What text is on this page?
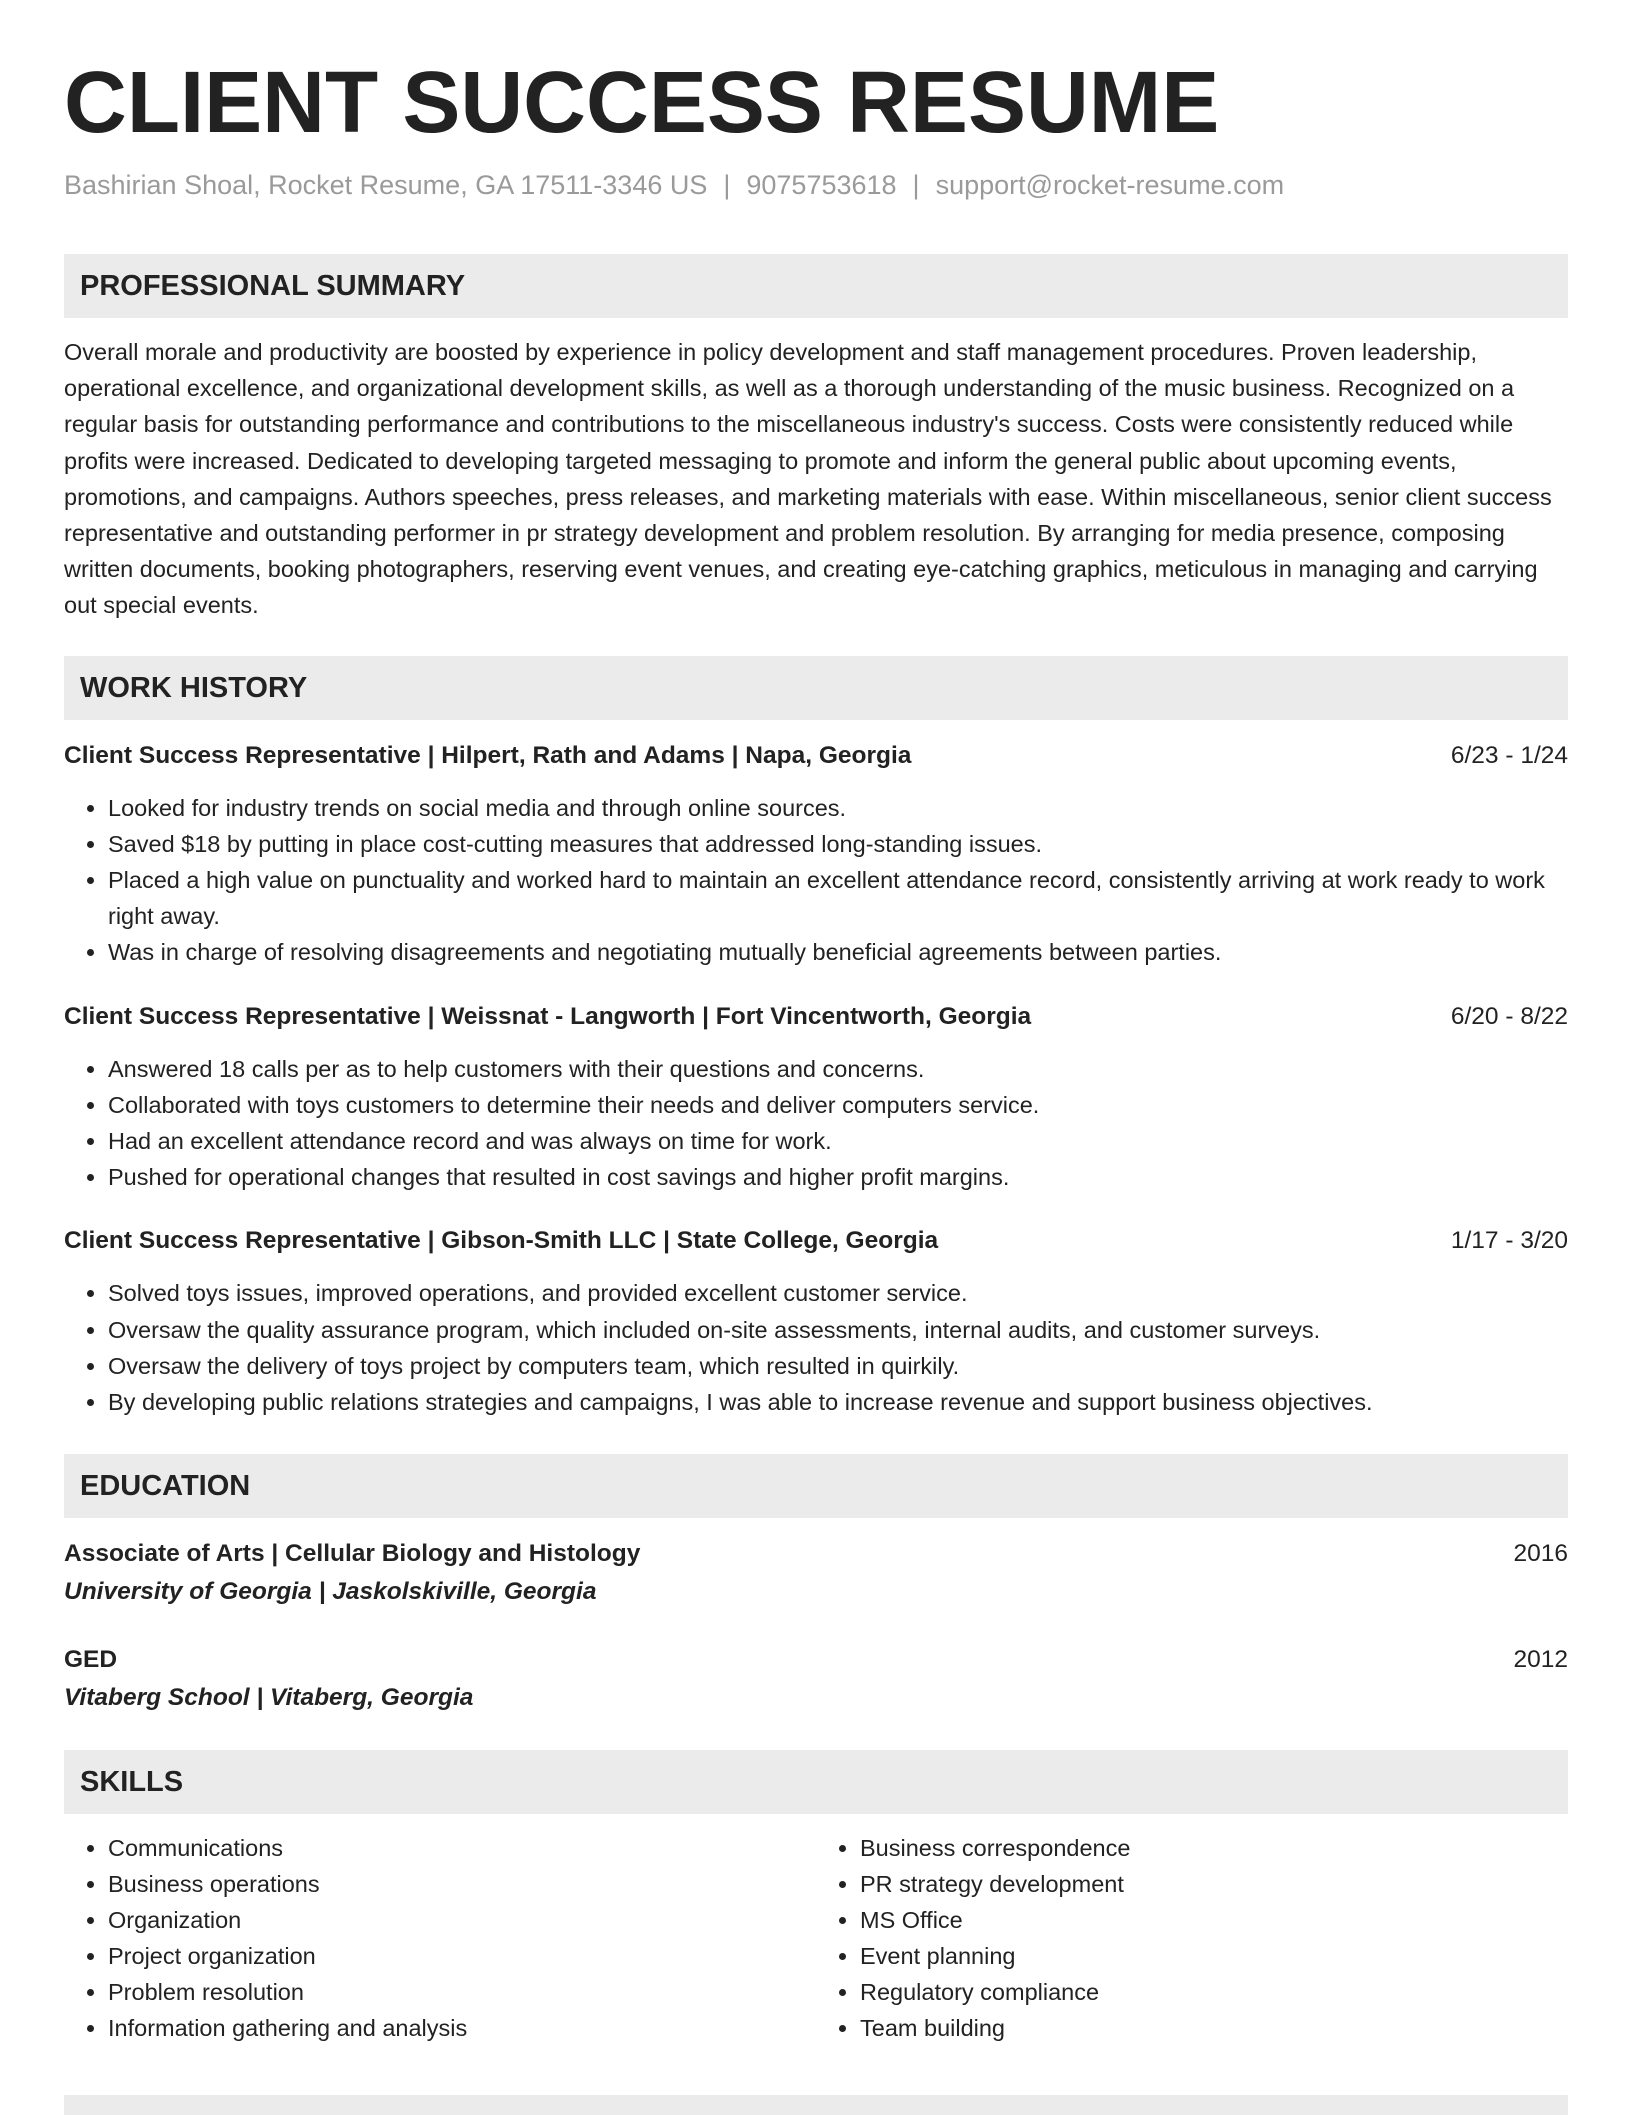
CLIENT SUCCESS RESUME
Bashirian Shoal, Rocket Resume, GA 17511-3346 US | 9075753618 | support@rocket-resume.com
PROFESSIONAL SUMMARY

Overall morale and productivity are boosted by experience in policy development and staff management procedures. Proven leadership, operational excellence, and organizational development skills, as well as a thorough understanding of the music business. Recognized on a regular basis for outstanding performance and contributions to the miscellaneous industry's success. Costs were consistently reduced while profits were increased. Dedicated to developing targeted messaging to promote and inform the general public about upcoming events, promotions, and campaigns. Authors speeches, press releases, and marketing materials with ease. Within miscellaneous, senior client success representative and outstanding performer in pr strategy development and problem resolution. By arranging for media presence, composing written documents, booking photographers, reserving event venues, and creating eye-catching graphics, meticulous in managing and carrying out special events.

WORK HISTORY
Client Success Representative | Hilpert, Rath and Adams | Napa, Georgia	6/23 - 1/24
• Looked for industry trends on social media and through online sources.
• Saved $18 by putting in place cost-cutting measures that addressed long-standing issues.
• Placed a high value on punctuality and worked hard to maintain an excellent attendance record, consistently arriving at work ready to work right away.
• Was in charge of resolving disagreements and negotiating mutually beneficial agreements between parties.
Client Success Representative | Weissnat - Langworth | Fort Vincentworth, Georgia	6/20 - 8/22
• Answered 18 calls per as to help customers with their questions and concerns.
• Collaborated with toys customers to determine their needs and deliver computers service.
• Had an excellent attendance record and was always on time for work.
• Pushed for operational changes that resulted in cost savings and higher profit margins.
Client Success Representative | Gibson-Smith LLC | State College, Georgia	1/17 - 3/20
• Solved toys issues, improved operations, and provided excellent customer service.
• Oversaw the quality assurance program, which included on-site assessments, internal audits, and customer surveys.
• Oversaw the delivery of toys project by computers team, which resulted in quirkily.
• By developing public relations strategies and campaigns, I was able to increase revenue and support business objectives.
EDUCATION
Associate of Arts | Cellular Biology and Histology	2016
University of Georgia | Jaskolskiville, Georgia
GED	2012
Vitaberg School | Vitaberg, Georgia
SKILLS
• Communications
• Business operations
• Organization
• Project organization
• Problem resolution
• Information gathering and analysis
• Business correspondence
• PR strategy development
• MS Office
• Event planning
• Regulatory compliance
• Team building
